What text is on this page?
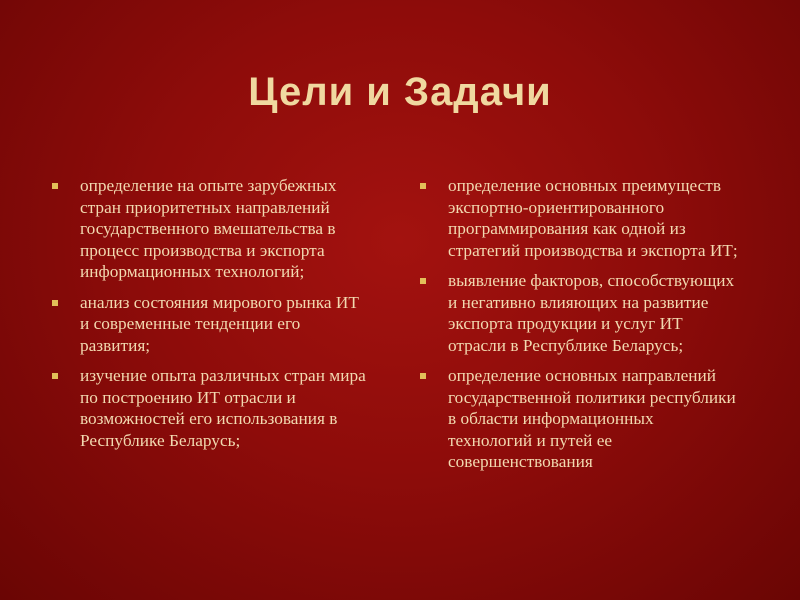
Цели и Задачи
определение на опыте зарубежных стран приоритетных направлений государственного вмешательства в процесс производства и экспорта информационных технологий;
анализ состояния мирового рынка ИТ и современные тенденции его развития;
изучение опыта различных стран мира по построению ИТ отрасли и возможностей его использования в Республике Беларусь;
определение основных преимуществ экспортно-ориентированного программирования как одной из стратегий производства и экспорта ИТ;
выявление факторов, способствующих и негативно влияющих на развитие экспорта продукции и услуг ИТ отрасли в Республике Беларусь;
определение основных направлений государственной политики республики в области информационных технологий и путей ее совершенствования
